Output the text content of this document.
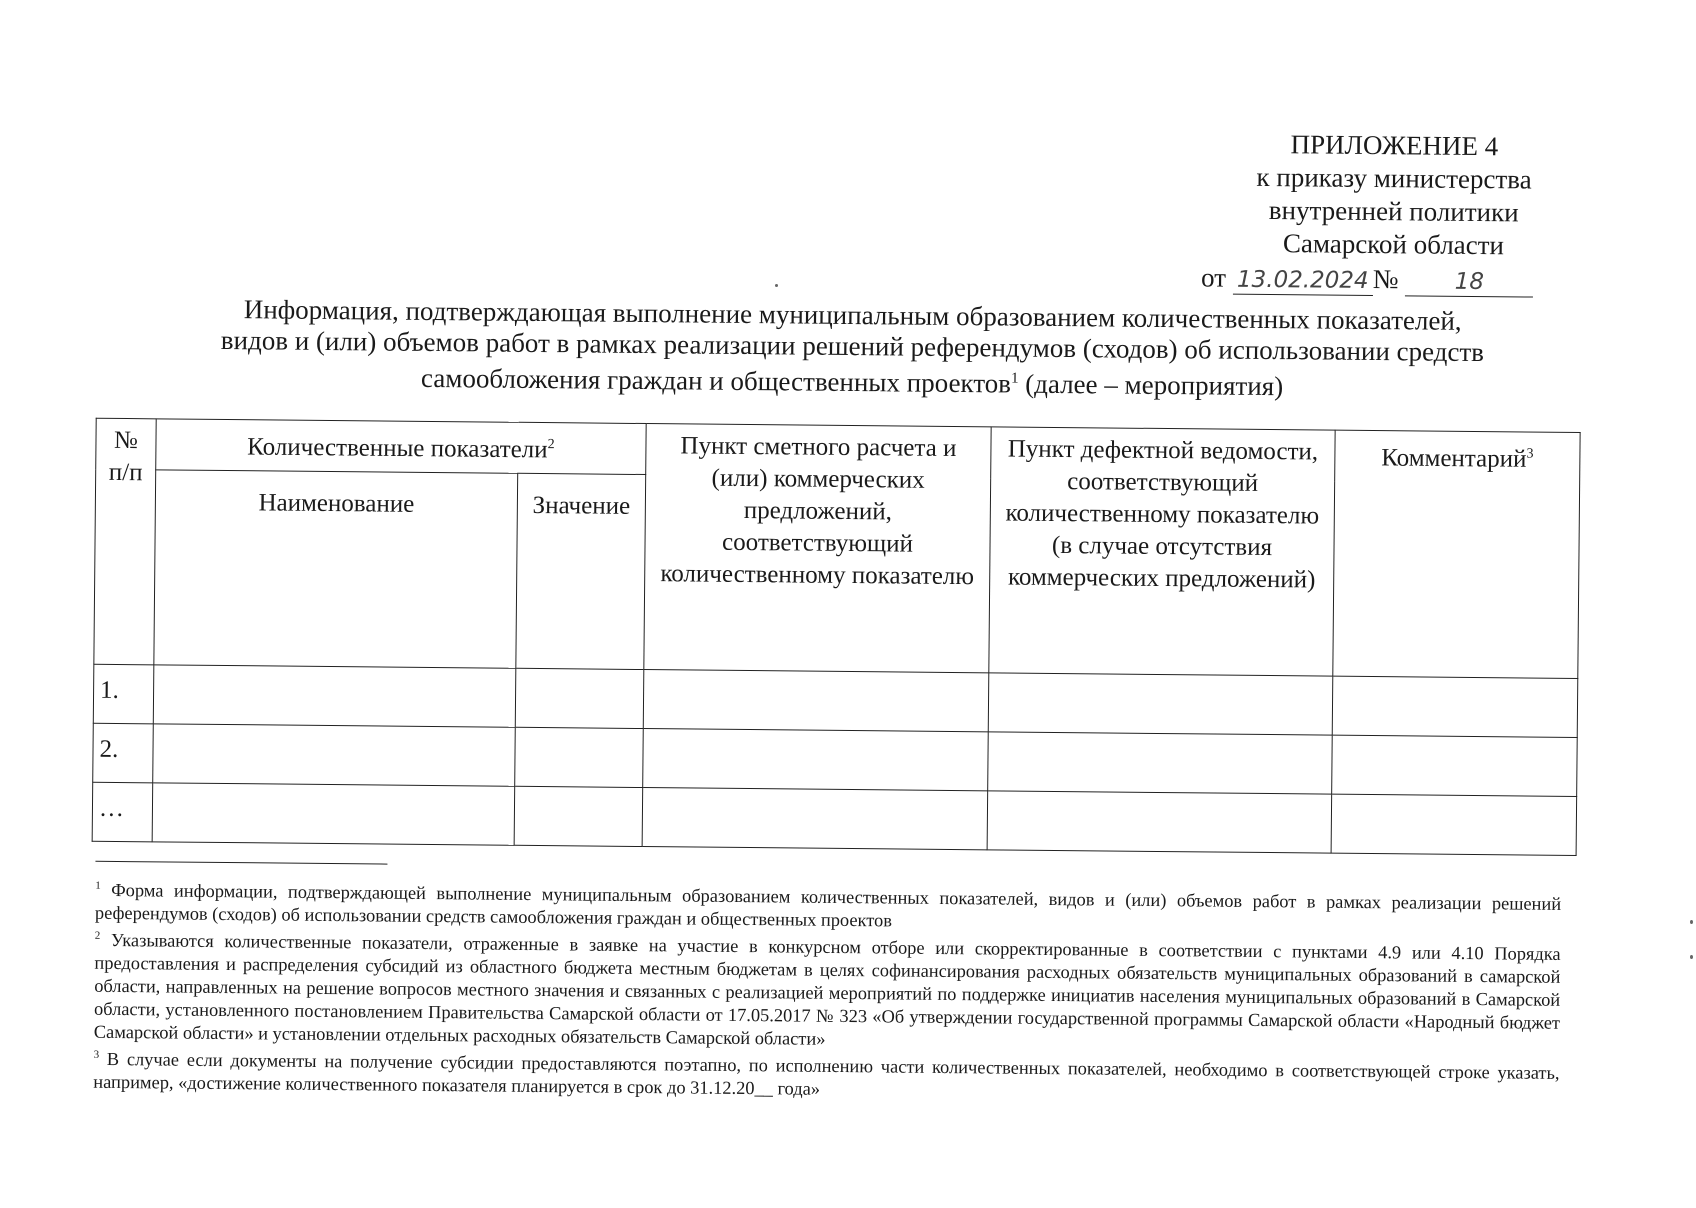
ПРИЛОЖЕНИЕ 4
к приказу министерства
внутренней политики
Самарской области
от 13.02.2024 № 18
Информация, подтверждающая выполнение муниципальным образованием количественных показателей,
видов и (или) объемов работ в рамках реализации решений референдумов (сходов) об использовании средств
самообложения граждан и общественных проектов$^1$ (далее – мероприятия)
№ п/п	Количественные показатели$^2$		Пункт сметного расчета и (или) коммерческих предложений, соответствующий количественному показателю	Пункт дефектной ведомости, соответствующий количественному показателю (в случае отсутствия коммерческих предложений)	Комментарий$^3$
	Наименование	Значение			
1.					
2.					
…					

$^1$ Форма информации, подтверждающей выполнение муниципальным образованием количественных показателей, видов и (или) объемов работ в рамках реализации решений референдумов (сходов) об использовании средств самообложения граждан и общественных проектов

$^2$ Указываются количественные показатели, отраженные в заявке на участие в конкурсном отборе или скорректированные в соответствии с пунктами 4.9 или 4.10 Порядка предоставления и распределения субсидий из областного бюджета местным бюджетам в целях софинансирования расходных обязательств муниципальных образований в самарской области, направленных на решение вопросов местного значения и связанных с реализацией мероприятий по поддержке инициатив населения муниципальных образований в Самарской области, установленного постановлением Правительства Самарской области от 17.05.2017 № 323 «Об утверждении государственной программы Самарской области «Народный бюджет Самарской области» и установлении отдельных расходных обязательств Самарской области»

$^3$ В случае если документы на получение субсидии предоставляются поэтапно, по исполнению части количественных показателей, необходимо в соответствующей строке указать, например, «достижение количественного показателя планируется в срок до 31.12.20__ года»
